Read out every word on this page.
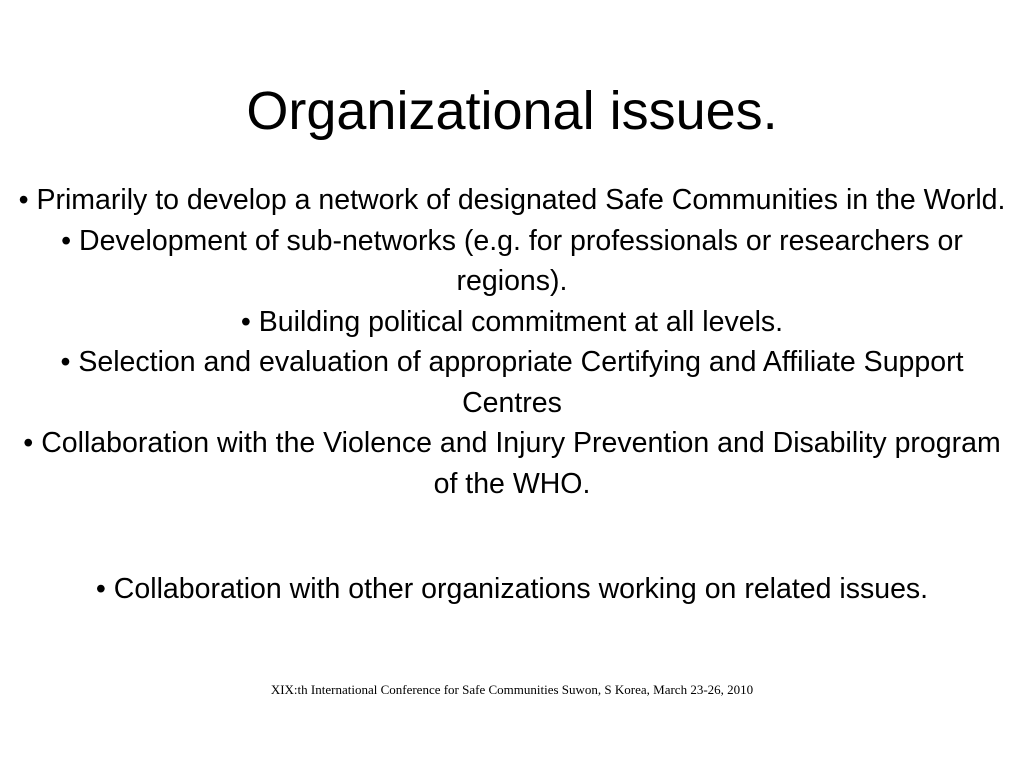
Organizational issues.
• Primarily to develop a network of designated Safe Communities in the World.
• Development of sub-networks (e.g. for professionals or researchers or regions).
• Building political commitment at all levels.
• Selection and evaluation of appropriate Certifying and Affiliate Support Centres
• Collaboration with the Violence and Injury Prevention and Disability program of the WHO.

• Collaboration with other organizations working on related issues.

XIX:th International Conference for Safe Communities Suwon, S Korea, March 23-26, 2010
